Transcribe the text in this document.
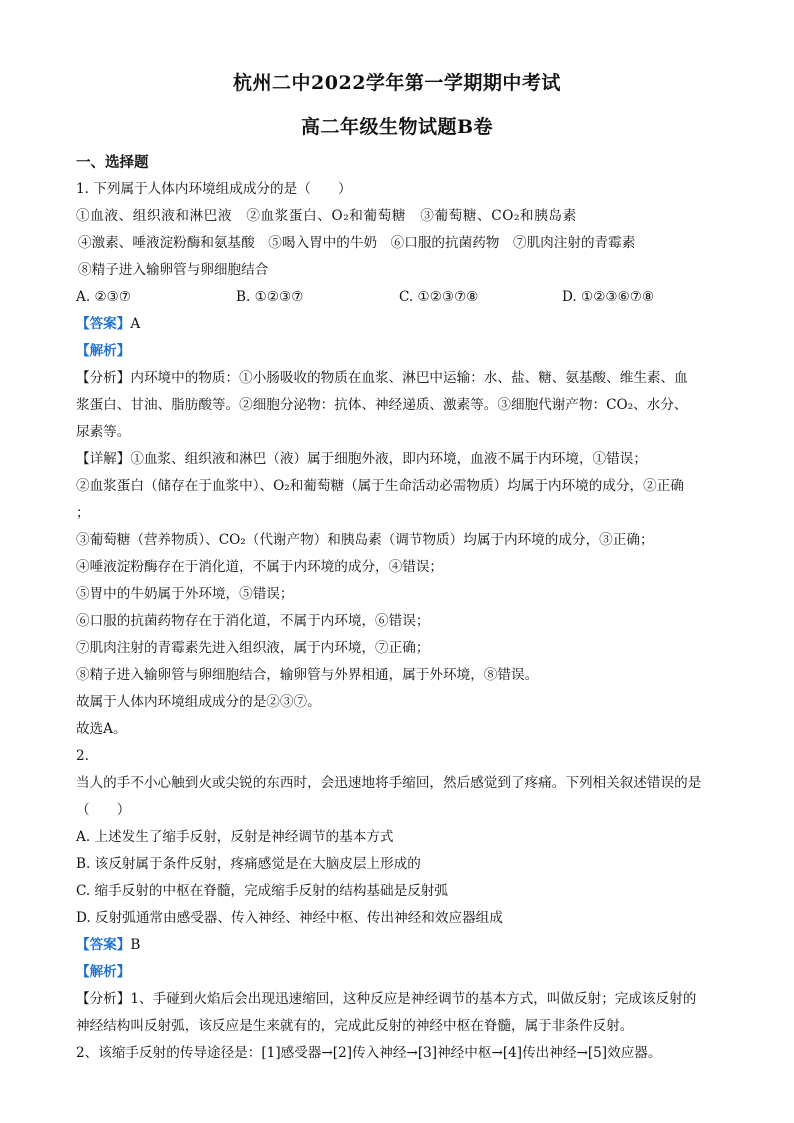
杭州二中2022学年第一学期期中考试
高二年级生物试题B卷
一、选择题
1. 下列属于人体内环境组成成分的是（　　）
①血液、组织液和淋巴液　②血浆蛋白、O₂和葡萄糖　③葡萄糖、CO₂和胰岛素
④激素、唾液淀粉酶和氨基酸　⑤喝入胃中的牛奶　⑥口服的抗菌药物　⑦肌肉注射的青霉素
⑧精子进入输卵管与卵细胞结合
A. ②③⑦	B. ①②③⑦	C. ①②③⑦⑧	D. ①②③⑥⑦⑧
【答案】A
【解析】
【分析】内环境中的物质：①小肠吸收的物质在血浆、淋巴中运输：水、盐、糖、氨基酸、维生素、血
浆蛋白、甘油、脂肪酸等。②细胞分泌物：抗体、神经递质、激素等。③细胞代谢产物：CO₂、水分、
尿素等。
【详解】①血浆、组织液和淋巴（液）属于细胞外液，即内环境，血液不属于内环境，①错误；
②血浆蛋白（储存在于血浆中）、O₂和葡萄糖（属于生命活动必需物质）均属于内环境的成分，②正确
；
③葡萄糖（营养物质）、CO₂（代谢产物）和胰岛素（调节物质）均属于内环境的成分，③正确；
④唾液淀粉酶存在于消化道，不属于内环境的成分，④错误；
⑤胃中的牛奶属于外环境，⑤错误；
⑥口服的抗菌药物存在于消化道，不属于内环境，⑥错误；
⑦肌肉注射的青霉素先进入组织液，属于内环境，⑦正确；
⑧精子进入输卵管与卵细胞结合，输卵管与外界相通，属于外环境，⑧错误。
故属于人体内环境组成成分的是②③⑦。
故选A。
2.
当人的手不小心触到火或尖锐的东西时，会迅速地将手缩回，然后感觉到了疼痛。下列相关叙述错误的是
（　　）
A. 上述发生了缩手反射，反射是神经调节的基本方式
B. 该反射属于条件反射，疼痛感觉是在大脑皮层上形成的
C. 缩手反射的中枢在脊髓，完成缩手反射的结构基础是反射弧
D. 反射弧通常由感受器、传入神经、神经中枢、传出神经和效应器组成
【答案】B
【解析】
【分析】1、手碰到火焰后会出现迅速缩回，这种反应是神经调节的基本方式，叫做反射；完成该反射的
神经结构叫反射弧，该反应是生来就有的，完成此反射的神经中枢在脊髓，属于非条件反射。
2、该缩手反射的传导途径是：[1]感受器→[2]传入神经→[3]神经中枢→[4]传出神经→[5]效应器。
